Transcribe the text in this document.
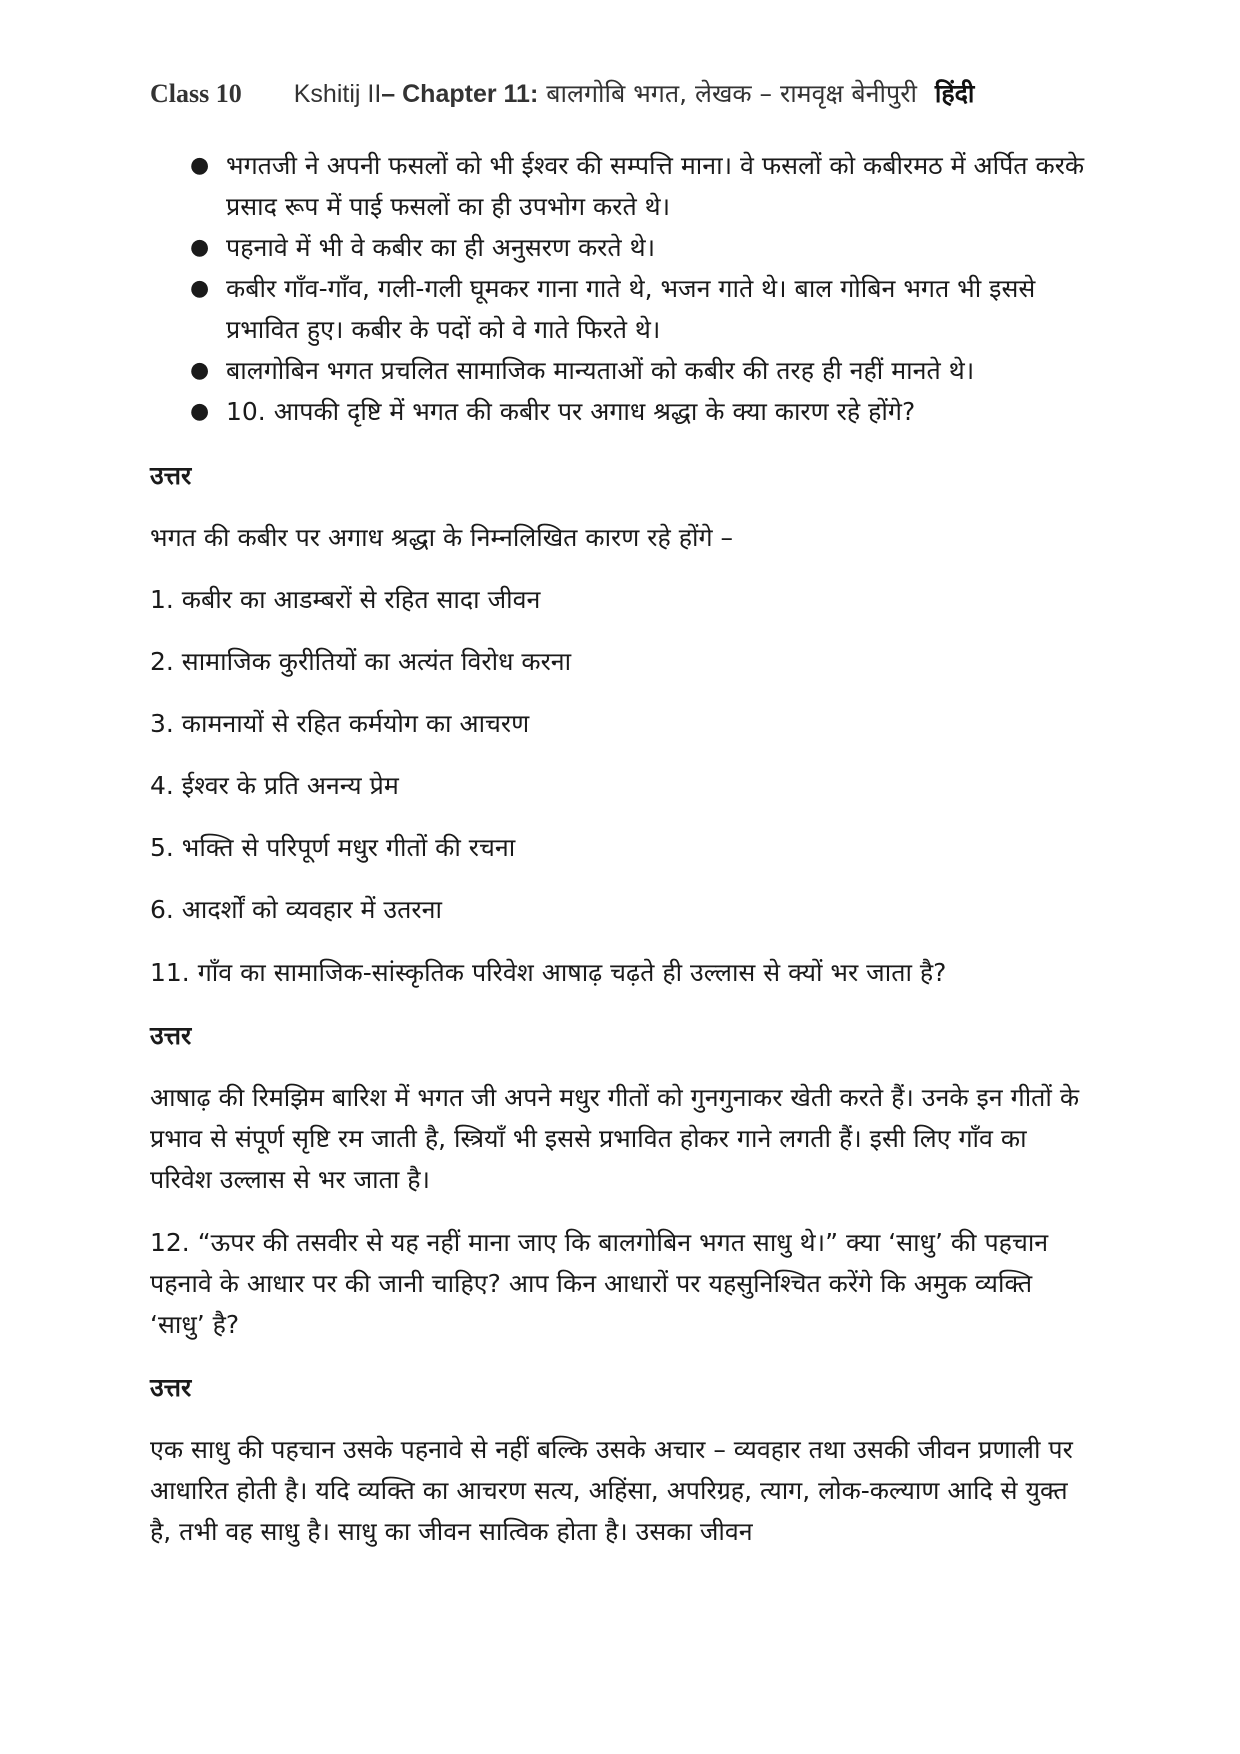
Class 10 Kshitij II– Chapter 11: बालगोबि भगत, लेखक – रामवृक्ष बेनीपुरी हिंदी
● भगतजी ने अपनी फसलों को भी ईश्वर की सम्पत्ति माना। वे फसलों को कबीरमठ में अर्पित करके प्रसाद रूप में पाई फसलों का ही उपभोग करते थे।
● पहनावे में भी वे कबीर का ही अनुसरण करते थे।
● कबीर गाँव-गाँव, गली-गली घूमकर गाना गाते थे, भजन गाते थे। बाल गोबिन भगत भी इससे प्रभावित हुए। कबीर के पदों को वे गाते फिरते थे।
● बालगोबिन भगत प्रचलित सामाजिक मान्यताओं को कबीर की तरह ही नहीं मानते थे।
● 10. आपकी दृष्टि में भगत की कबीर पर अगाध श्रद्धा के क्या कारण रहे होंगे?

उत्तर

भगत की कबीर पर अगाध श्रद्धा के निम्नलिखित कारण रहे होंगे –

1. कबीर का आडम्बरों से रहित सादा जीवन

2. सामाजिक कुरीतियों का अत्यंत विरोध करना

3. कामनायों से रहित कर्मयोग का आचरण

4. ईश्वर के प्रति अनन्य प्रेम

5. भक्ति से परिपूर्ण मधुर गीतों की रचना

6. आदर्शों को व्यवहार में उतरना

11. गाँव का सामाजिक-सांस्कृतिक परिवेश आषाढ़ चढ़ते ही उल्लास से क्यों भर जाता है?

उत्तर

आषाढ़ की रिमझिम बारिश में भगत जी अपने मधुर गीतों को गुनगुनाकर खेती करते हैं। उनके इन गीतों के प्रभाव से संपूर्ण सृष्टि रम जाती है, स्त्रियाँ भी इससे प्रभावित होकर गाने लगती हैं। इसी लिए गाँव का परिवेश उल्लास से भर जाता है।

12. “ऊपर की तसवीर से यह नहीं माना जाए कि बालगोबिन भगत साधु थे।” क्या ‘साधु’ की पहचान पहनावे के आधार पर की जानी चाहिए? आप किन आधारों पर यहसुनिश्चित करेंगे कि अमुक व्यक्ति ‘साधु’ है?

उत्तर

एक साधु की पहचान उसके पहनावे से नहीं बल्कि उसके अचार – व्यवहार तथा उसकी जीवन प्रणाली पर आधारित होती है। यदि व्यक्ति का आचरण सत्य, अहिंसा, अपरिग्रह, त्याग, लोक-कल्याण आदि से युक्त है, तभी वह साधु है। साधु का जीवन सात्विक होता है। उसका जीवन
